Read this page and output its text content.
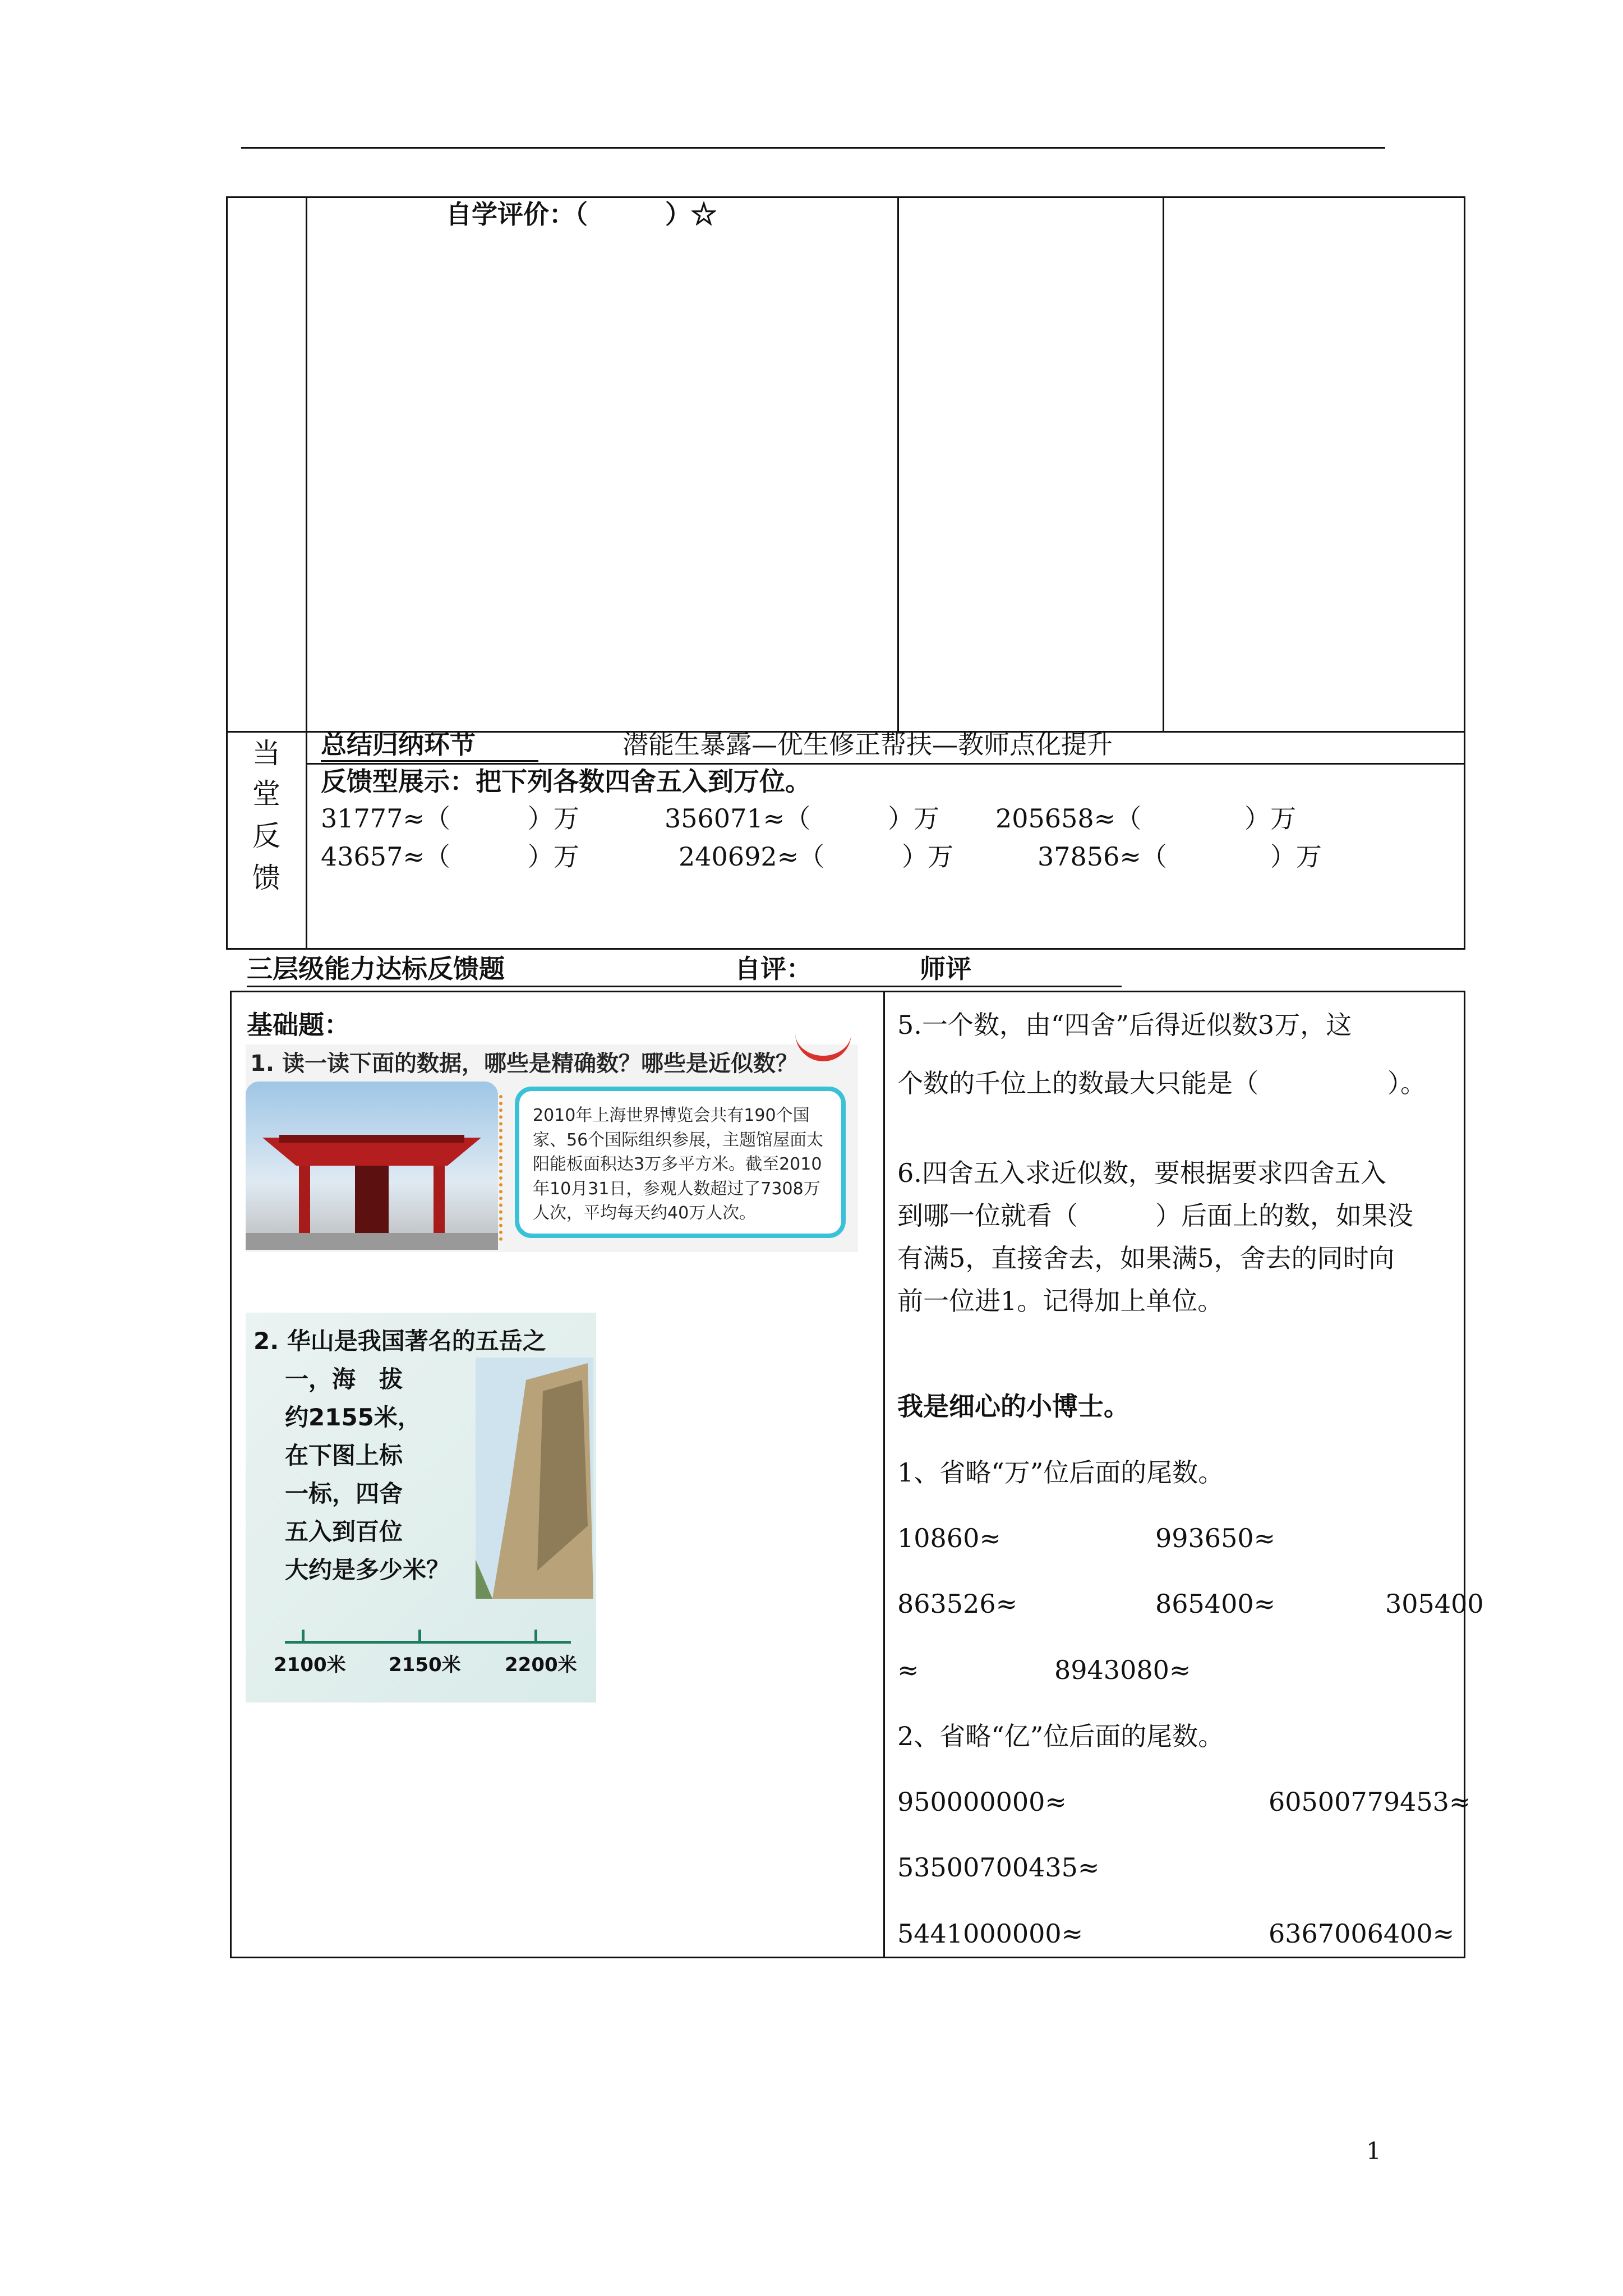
自学评价：（　　　）☆
当
堂
反
馈
总结归纳环节	潜能生暴露—优生修正帮扶—教师点化提升
反馈型展示：把下列各数四舍五入到万位。
31777≈（　　　）万	356071≈（　　　）万 205658≈（　　　　）万
43657≈（　　　）万	240692≈（　　　）万	37856≈（　　　　）万
三层级能力达标反馈题	自评：	师评
基础题：
1. 读一读下面的数据，哪些是精确数？哪些是近似数？
2010年上海世界博览会共有190个国家、56个国际组织参展，主题馆屋面太阳能板面积达3万多平方米。截至2010年10月31日，参观人数超过了7308万人次，平均每天约40万人次。
2. 华山是我国著名的五岳之
一，海　拔
约2155米，
在下图上标
一标，四舍
五入到百位
大约是多少米？
2100米 2150米 2200米
5.一个数，由“四舍”后得近似数3万，这
个数的千位上的数最大只能是（　　　　　）。
6.四舍五入求近似数，要根据要求四舍五入
到哪一位就看（　　　）后面上的数，如果没
有满5，直接舍去，如果满5，舍去的同时向
前一位进1。记得加上单位。
我是细心的小博士。
1、省略“万”位后面的尾数。
10860≈	993650≈
863526≈	865400≈	305400
≈	8943080≈
2、省略“亿”位后面的尾数。
950000000≈	60500779453≈
53500700435≈
5441000000≈	6367006400≈
1
